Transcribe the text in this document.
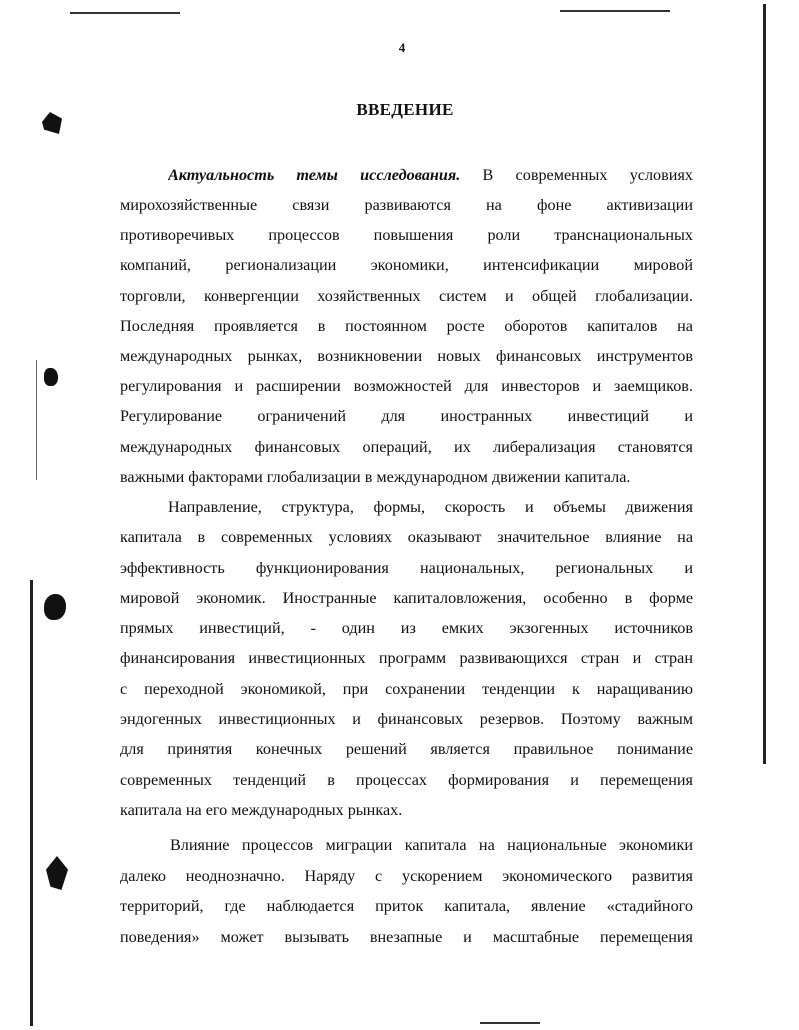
4
ВВЕДЕНИЕ
Актуальность темы исследования. В современных условиях
мирохозяйственные связи развиваются на фоне активизации
противоречивых процессов повышения роли транснациональных
компаний, регионализации экономики, интенсификации мировой
торговли, конвергенции хозяйственных систем и общей глобализации.
Последняя проявляется в постоянном росте оборотов капиталов на
международных рынках, возникновении новых финансовых инструментов
регулирования и расширении возможностей для инвесторов и заемщиков.
Регулирование ограничений для иностранных инвестиций и
международных финансовых операций, их либерализация становятся
важными факторами глобализации в международном движении капитала.
Направление, структура, формы, скорость и объемы движения
капитала в современных условиях оказывают значительное влияние на
эффективность функционирования национальных, региональных и
мировой экономик. Иностранные капиталовложения, особенно в форме
прямых инвестиций, - один из емких экзогенных источников
финансирования инвестиционных программ развивающихся стран и стран
с переходной экономикой, при сохранении тенденции к наращиванию
эндогенных инвестиционных и финансовых резервов. Поэтому важным
для принятия конечных решений является правильное понимание
современных тенденций в процессах формирования и перемещения
капитала на его международных рынках.
Влияние процессов миграции капитала на национальные экономики
далеко неоднозначно. Наряду с ускорением экономического развития
территорий, где наблюдается приток капитала, явление «стадийного
поведения» может вызывать внезапные и масштабные перемещения
